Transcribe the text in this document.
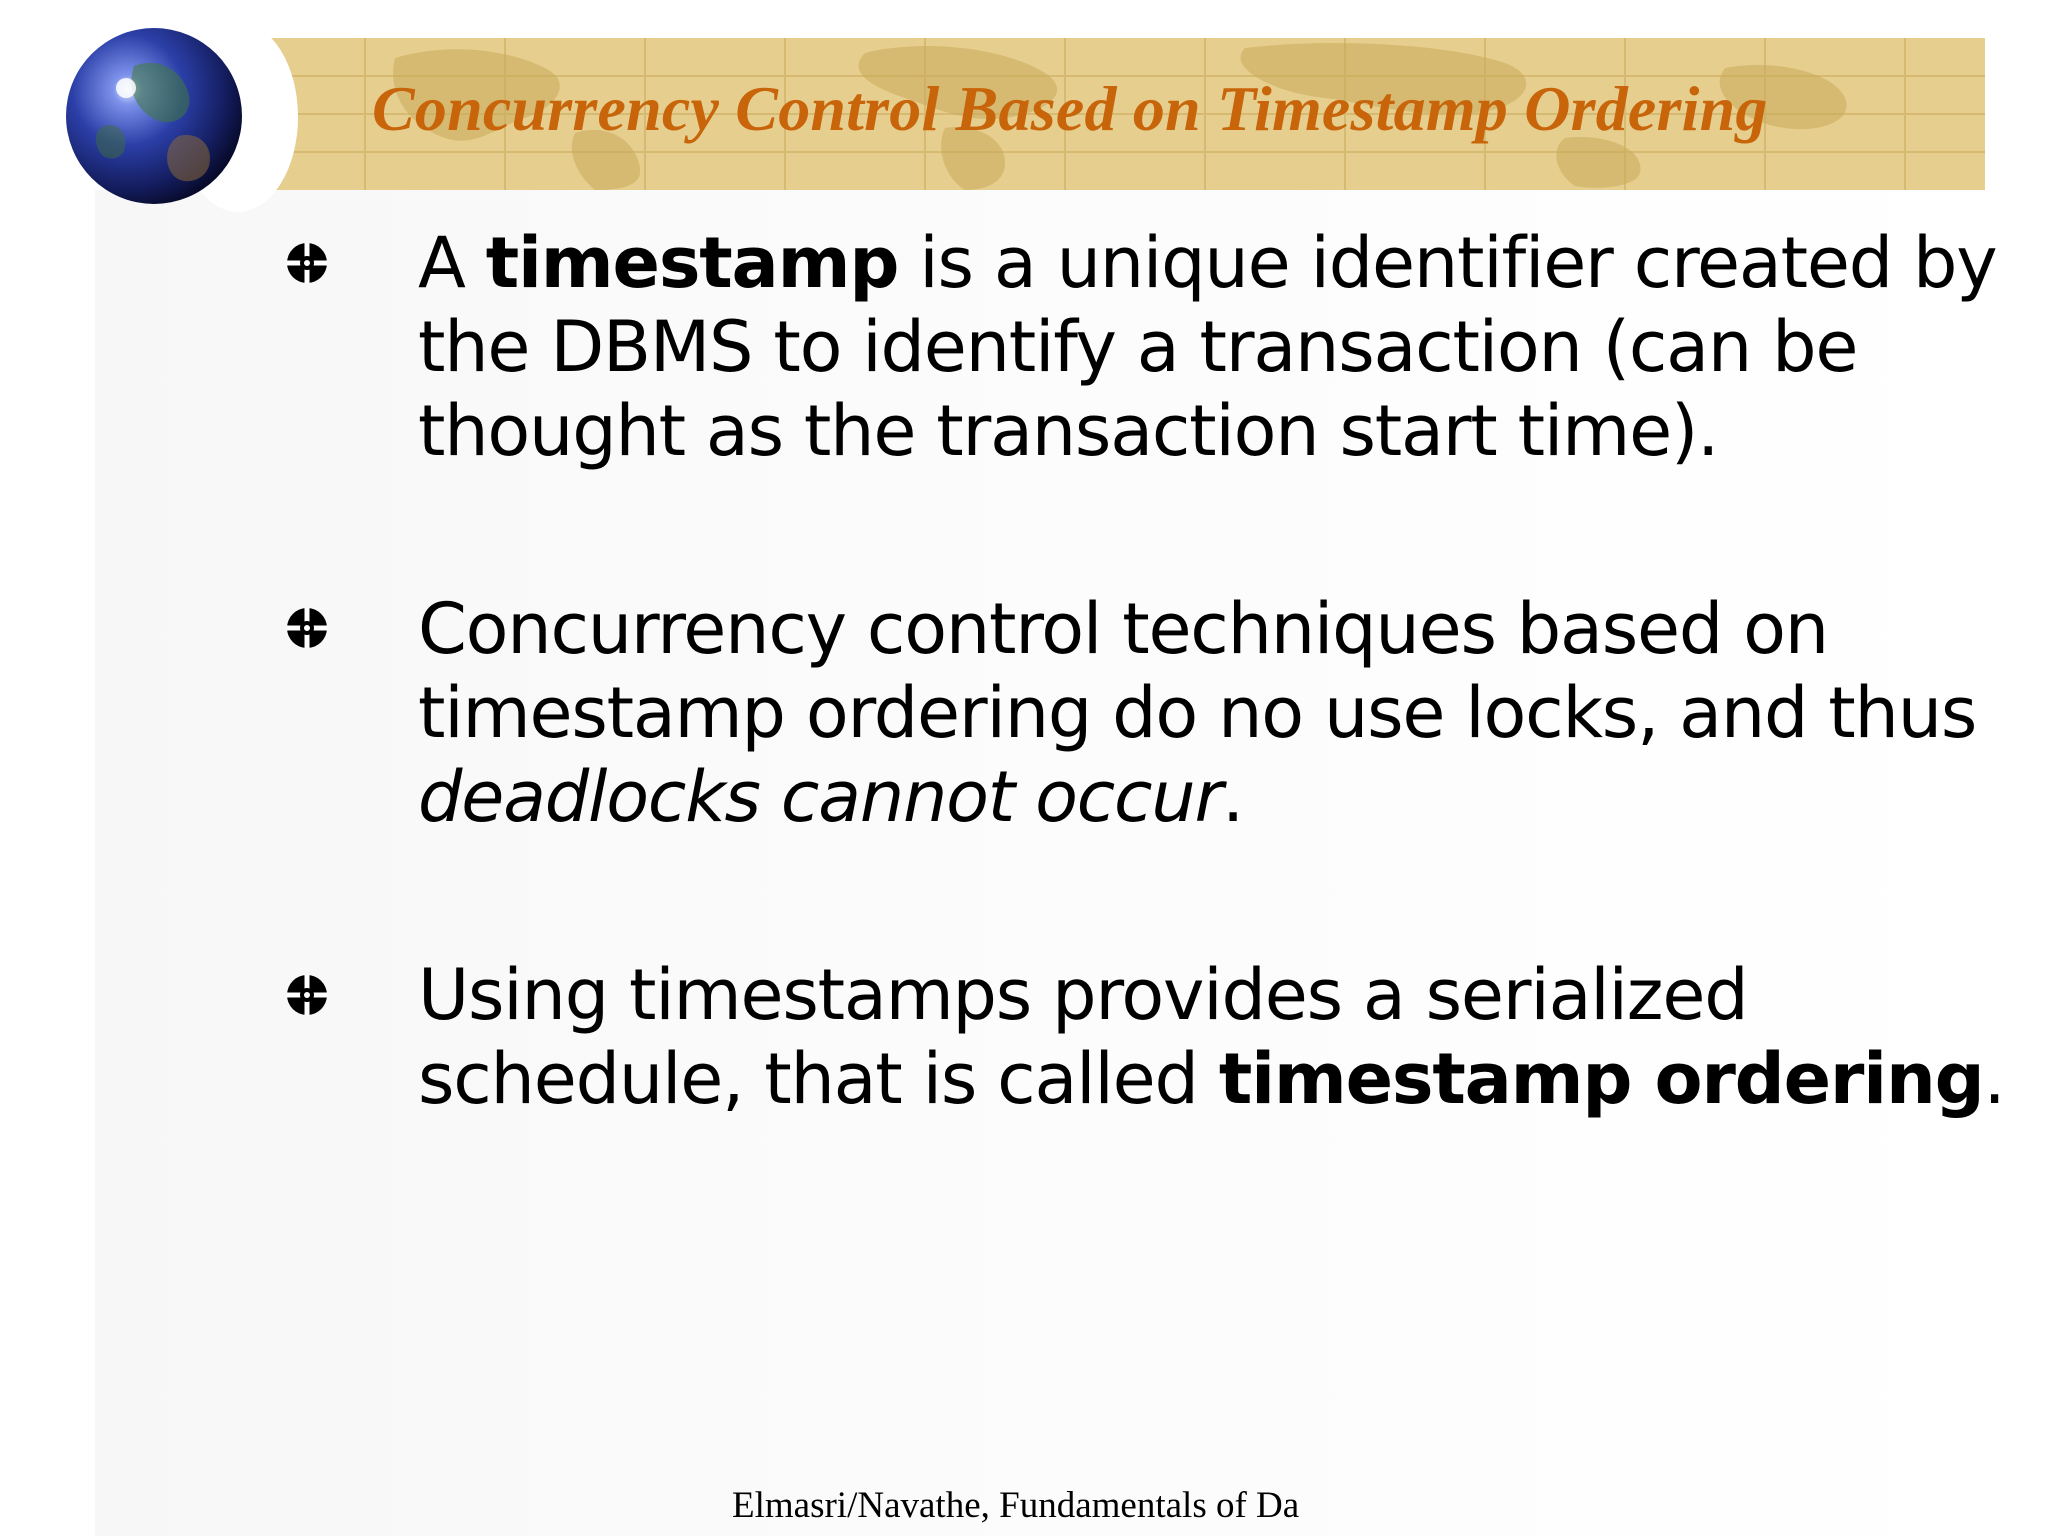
Concurrency Control Based on Timestamp Ordering

A timestamp is a unique identifier created by the DBMS to identify a transaction (can be thought as the transaction start time).

Concurrency control techniques based on timestamp ordering do no use locks, and thus deadlocks cannot occur.

Using timestamps provides a serialized schedule, that is called timestamp ordering.

Elmasri/Navathe, Fundamentals of Da
